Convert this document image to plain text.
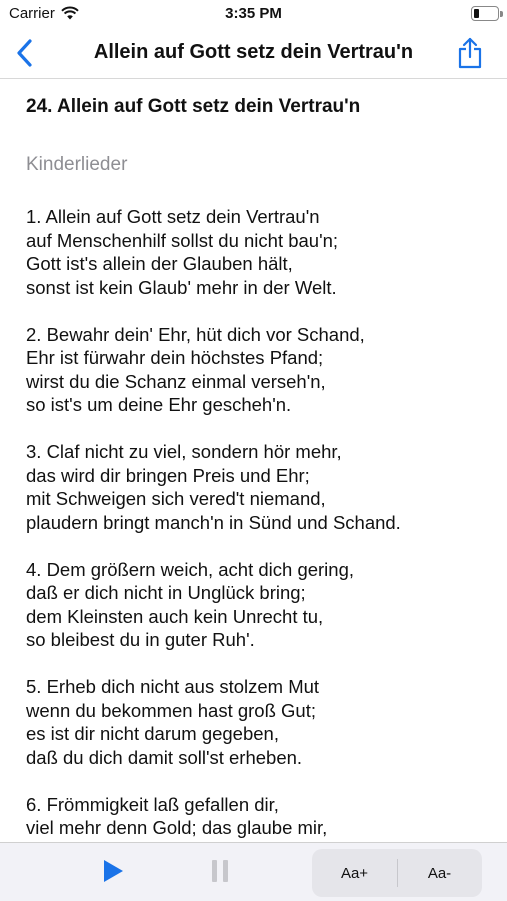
Carrier	3:35 PM
Allein auf Gott setz dein Vertrau'n
24. Allein auf Gott setz dein Vertrau'n
Kinderlieder
1. Allein auf Gott setz dein Vertrau'n
auf Menschenhilf sollst du nicht bau'n;
Gott ist's allein der Glauben hält,
sonst ist kein Glaub' mehr in der Welt.
2. Bewahr dein' Ehr, hüt dich vor Schand,
Ehr ist fürwahr dein höchstes Pfand;
wirst du die Schanz einmal verseh'n,
so ist's um deine Ehr gescheh'n.
3. Claf nicht zu viel, sondern hör mehr,
das wird dir bringen Preis und Ehr;
mit Schweigen sich vered't niemand,
plaudern bringt manch'n in Sünd und Schand.
4. Dem größern weich, acht dich gering,
daß er dich nicht in Unglück bring;
dem Kleinsten auch kein Unrecht tu,
so bleibest du in guter Ruh'.
5. Erheb dich nicht aus stolzem Mut
wenn du bekommen hast groß Gut;
es ist dir nicht darum gegeben,
daß du dich damit soll'st erheben.
6. Frömmigkeit laß gefallen dir,
viel mehr denn Gold; das glaube mir,
Aa+	Aa-
